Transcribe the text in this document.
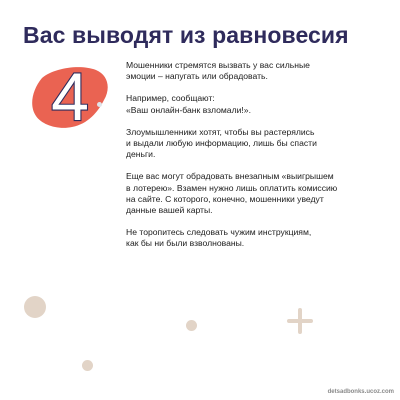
Вас выводят из равновесия
4	Мошенники стремятся вызвать у вас сильные
эмоции – напугать или обрадовать.

Например, сообщают:
«Ваш онлайн-банк взломали!».

Злоумышленники хотят, чтобы вы растерялись
и выдали любую информацию, лишь бы спасти
деньги.

Еще вас могут обрадовать внезапным «выигрышем
в лотерею». Взамен нужно лишь оплатить комиссию
на сайте. С которого, конечно, мошенники уведут
данные вашей карты.

Не торопитесь следовать чужим инструкциям,
как бы ни были взволнованы.

detsadbonks.ucoz.com
